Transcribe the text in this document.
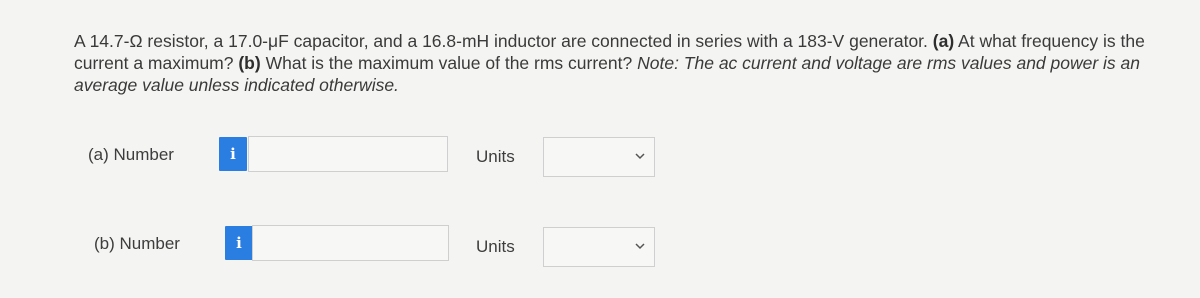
A 14.7-Ω resistor, a 17.0-μF capacitor, and a 16.8-mH inductor are connected in series with a 183-V generator. (a) At what frequency is the current a maximum? (b) What is the maximum value of the rms current? Note: The ac current and voltage are rms values and power is an average value unless indicated otherwise.
(a) Number	i	Units
(b) Number	i	Units
